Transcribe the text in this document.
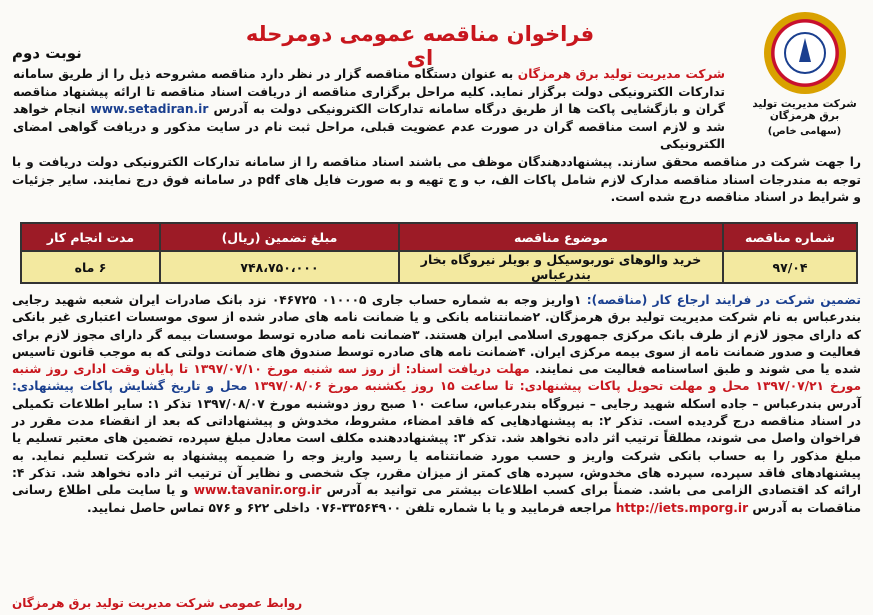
شرکت مدیریت تولید برق هرمزگان
(سهامی خاص)
فراخوان مناقصه عمومی دومرحله ای
نوبت دوم
شرکت مدیریت تولید برق هرمزگان به عنوان دستگاه مناقصه گزار در نظر دارد مناقصه مشروحه ذیل را از طریق سامانه تدارکات الکترونیکی دولت برگزار نماید. کلیه مراحل برگزاری مناقصه از دریافت اسناد مناقصه تا ارائه پیشنهاد مناقصه گران و بازگشایی پاکت ها از طریق درگاه سامانه تدارکات الکترونیکی دولت به آدرس www.setadiran.ir انجام خواهد شد و لازم است مناقصه گران در صورت عدم عضویت قبلی، مراحل ثبت نام در سایت مذکور و دریافت گواهی امضای الکترونیکی
را جهت شرکت در مناقصه محقق سازند. پیشنهاددهندگان موظف می باشند اسناد مناقصه را از سامانه تدارکات الکترونیکی دولت دریافت و با توجه به مندرجات اسناد مناقصه مدارک لازم شامل پاکات الف، ب و ج تهیه و به صورت فایل های pdf در سامانه فوق درج نمایند. سایر جزئیات و شرایط در اسناد مناقصه درج شده است.
شماره مناقصه	موضوع مناقصه	مبلغ تضمین (ریال)	مدت انجام کار
۹۷/۰۴	خرید والوهای توربوسیکل و بویلر نیروگاه بخار بندرعباس	۷۴۸،۷۵۰،۰۰۰	۶ ماه
تضمین شرکت در فرایند ارجاع کار (مناقصه): ۱واریز وجه به شماره حساب جاری ۰۱۰۰۰۵ ۰۴۶۷۲۵ نزد بانک صادرات ایران شعبه شهید رجایی بندرعباس به نام شرکت مدیریت تولید برق هرمزگان. ۲ضمانتنامه بانکی و یا ضمانت نامه های صادر شده از سوی موسسات اعتباری غیر بانکی که دارای مجوز لازم از طرف بانک مرکزی جمهوری اسلامی ایران هستند. ۳ضمانت نامه صادره توسط موسسات بیمه گر دارای مجوز لازم برای فعالیت و صدور ضمانت نامه از سوی بیمه مرکزی ایران. ۴ضمانت نامه های صادره توسط صندوق های ضمانت دولتی که به موجب قانون تاسیس شده یا می شوند و طبق اساسنامه فعالیت می نمایند. مهلت دریافت اسناد: از روز سه شنبه مورخ ۱۳۹۷/۰۷/۱۰ تا پایان وقت اداری روز شنبه مورخ ۱۳۹۷/۰۷/۲۱ محل و مهلت تحویل پاکات پیشنهادی: تا ساعت ۱۵ روز یکشنبه مورخ ۱۳۹۷/۰۸/۰۶ محل و تاریخ گشایش پاکات پیشنهادی: آدرس بندرعباس – جاده اسکله شهید رجایی – نیروگاه بندرعباس، ساعت ۱۰ صبح روز دوشنبه مورخ ۱۳۹۷/۰۸/۰۷ تذکر ۱: سایر اطلاعات تکمیلی در اسناد مناقصه درج گردیده است. تذکر ۲: به پیشنهادهایی که فاقد امضاء، مشروط، مخدوش و پیشنهاداتی که بعد از انقضاء مدت مقرر در فراخوان واصل می شوند، مطلقاً ترتیب اثر داده نخواهد شد. تذکر ۳: پیشنهاددهنده مکلف است معادل مبلغ سپرده، تضمین های معتبر تسلیم یا مبلغ مذکور را به حساب بانکی شرکت واریز و حسب مورد ضمانتنامه یا رسید واریز وجه را ضمیمه پیشنهاد به شرکت تسلیم نماید. به پیشنهادهای فاقد سپرده، سپرده های مخدوش، سپرده های کمتر از میزان مقرر، چک شخصی و نظایر آن ترتیب اثر داده نخواهد شد. تذکر ۴: ارائه کد اقتصادی الزامی می باشد. ضمناً برای کسب اطلاعات بیشتر می توانید به آدرس www.tavanir.org.ir و یا سایت ملی اطلاع رسانی مناقصات به آدرس http://iets.mporg.ir مراجعه فرمایید و یا با شماره تلفن ۳۳۵۶۴۹۰۰-۰۷۶ داخلی ۶۲۲ و ۵۷۶ تماس حاصل نمایید.
روابط عمومی شرکت مدیریت تولید برق هرمزگان
